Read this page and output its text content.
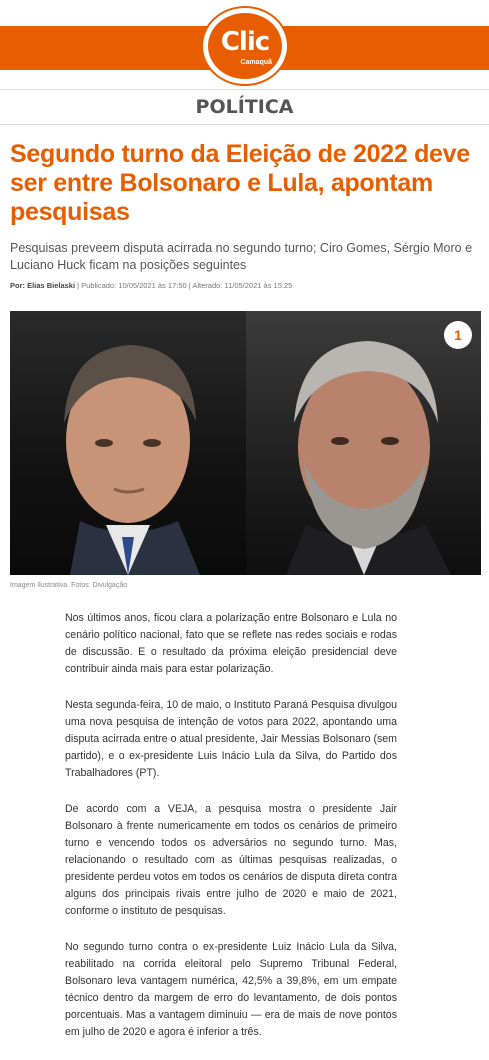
Clic
Camaquã
POLÍTICA
Segundo turno da Eleição de 2022 deve ser entre Bolsonaro e Lula, apontam pesquisas
Pesquisas preveem disputa acirrada no segundo turno; Ciro Gomes, Sérgio Moro e Luciano Huck ficam na posições seguintes
Por: Elias Bielaski | Publicado: 10/05/2021 às 17:50 | Alterado: 11/05/2021 às 15:25
1
Imagem Ilustrativa. Fotos: Divulgação

Nos últimos anos, ficou clara a polarização entre Bolsonaro e Lula no cenário político nacional, fato que se reflete nas redes sociais e rodas de discussão. E o resultado da próxima eleição presidencial deve contribuir ainda mais para estar polarização.

Nesta segunda-feira, 10 de maio, o Instituto Paraná Pesquisa divulgou uma nova pesquisa de intenção de votos para 2022, apontando uma disputa acirrada entre o atual presidente, Jair Messias Bolsonaro (sem partido), e o ex-presidente Luis Inácio Lula da Silva, do Partido dos Trabalhadores (PT).

De acordo com a VEJA, a pesquisa mostra o presidente Jair Bolsonaro à frente numericamente em todos os cenários de primeiro turno e vencendo todos os adversários no segundo turno. Mas, relacionando o resultado com as últimas pesquisas realizadas, o presidente perdeu votos em todos os cenários de disputa direta contra alguns dos principais rivais entre julho de 2020 e maio de 2021, conforme o instituto de pesquisas.

No segundo turno contra o ex-presidente Luiz Inácio Lula da Silva, reabilitado na corrida eleitoral pelo Supremo Tribunal Federal, Bolsonaro leva vantagem numérica, 42,5% a 39,8%, em um empate técnico dentro da margem de erro do levantamento, de dois pontos porcentuais. Mas a vantagem diminuiu — era de mais de nove pontos em julho de 2020 e agora é inferior a três.
